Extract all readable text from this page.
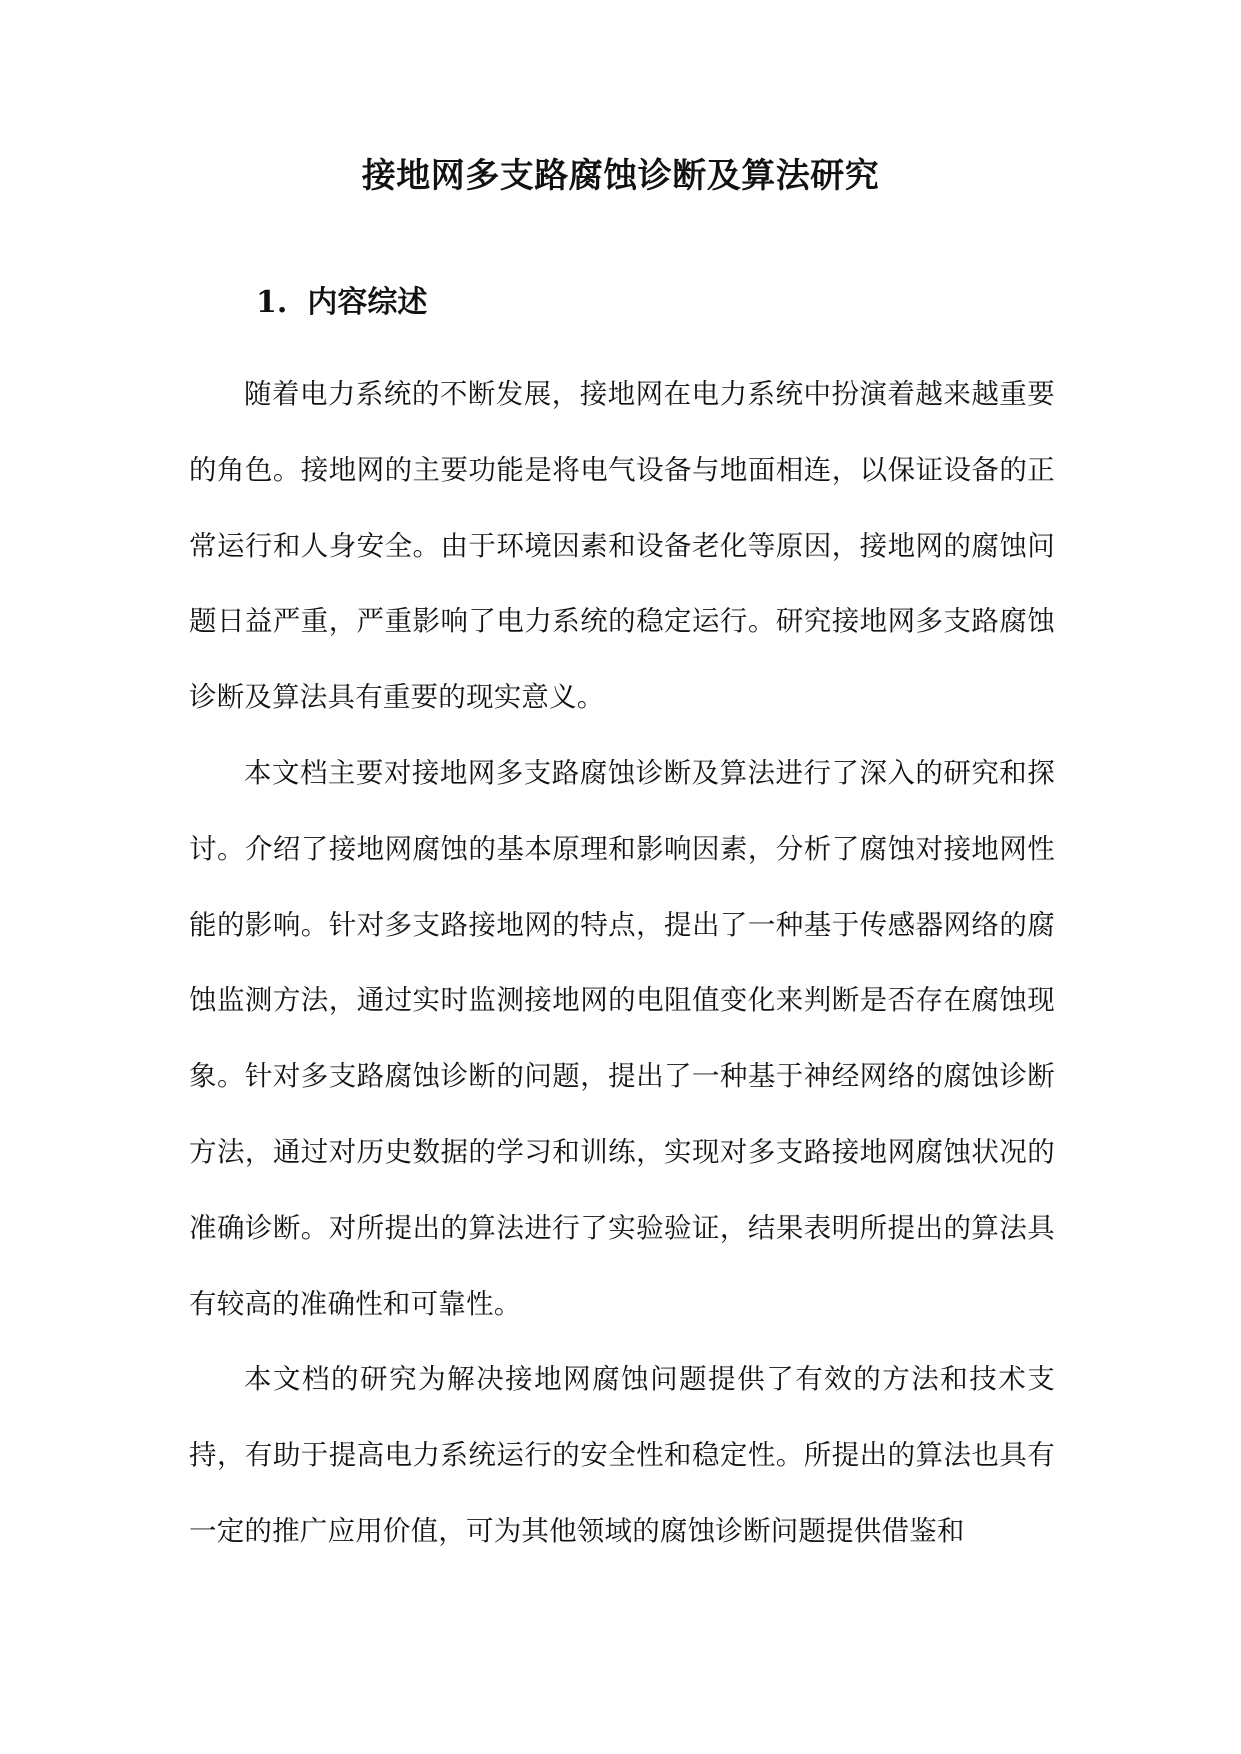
接地网多支路腐蚀诊断及算法研究
1. 内容综述

随着电力系统的不断发展，接地网在电力系统中扮演着越来越重要的角色。接地网的主要功能是将电气设备与地面相连，以保证设备的正常运行和人身安全。由于环境因素和设备老化等原因，接地网的腐蚀问题日益严重，严重影响了电力系统的稳定运行。研究接地网多支路腐蚀诊断及算法具有重要的现实意义。

本文档主要对接地网多支路腐蚀诊断及算法进行了深入的研究和探讨。介绍了接地网腐蚀的基本原理和影响因素，分析了腐蚀对接地网性能的影响。针对多支路接地网的特点，提出了一种基于传感器网络的腐蚀监测方法，通过实时监测接地网的电阻值变化来判断是否存在腐蚀现象。针对多支路腐蚀诊断的问题，提出了一种基于神经网络的腐蚀诊断方法，通过对历史数据的学习和训练，实现对多支路接地网腐蚀状况的准确诊断。对所提出的算法进行了实验验证，结果表明所提出的算法具有较高的准确性和可靠性。

本文档的研究为解决接地网腐蚀问题提供了有效的方法和技术支持，有助于提高电力系统运行的安全性和稳定性。所提出的算法也具有一定的推广应用价值，可为其他领域的腐蚀诊断问题提供借鉴和
